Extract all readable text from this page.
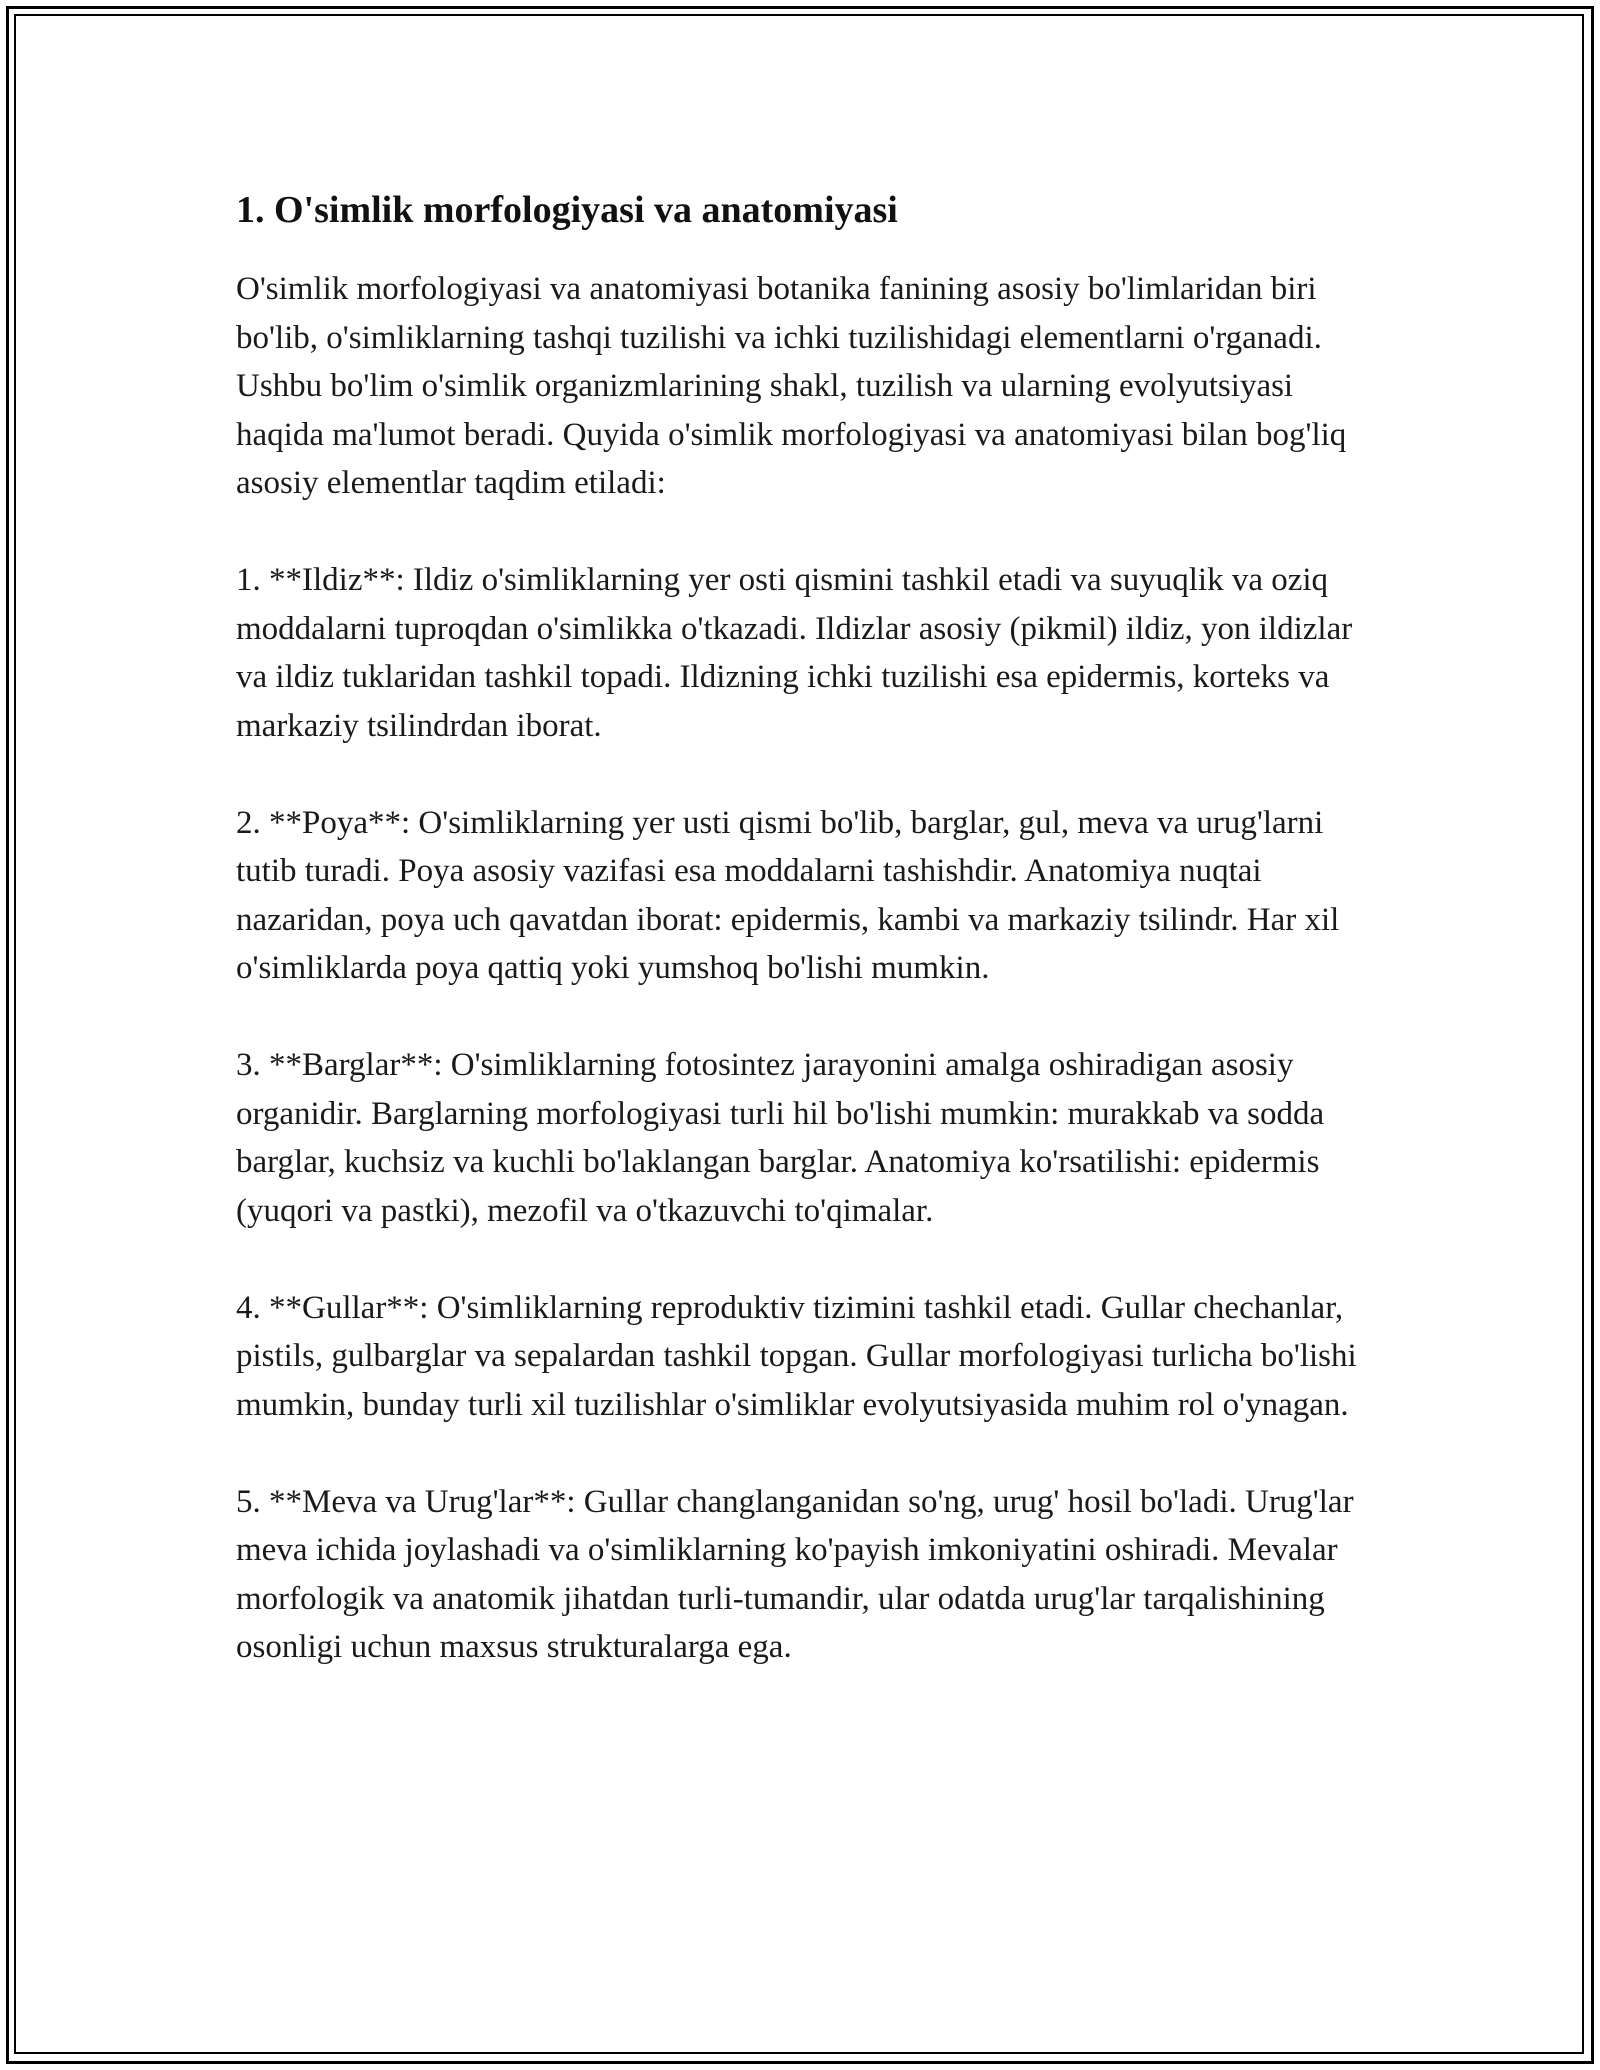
1. O'simlik morfologiyasi va anatomiyasi

O'simlik morfologiyasi va anatomiyasi botanika fanining asosiy bo'limlaridan biri bo'lib, o'simliklarning tashqi tuzilishi va ichki tuzilishidagi elementlarni o'rganadi. Ushbu bo'lim o'simlik organizmlarining shakl, tuzilish va ularning evolyutsiyasi haqida ma'lumot beradi. Quyida o'simlik morfologiyasi va anatomiyasi bilan bog'liq asosiy elementlar taqdim etiladi:

1. **Ildiz**: Ildiz o'simliklarning yer osti qismini tashkil etadi va suyuqlik va oziq moddalarni tuproqdan o'simlikka o'tkazadi. Ildizlar asosiy (pikmil) ildiz, yon ildizlar va ildiz tuklaridan tashkil topadi. Ildizning ichki tuzilishi esa epidermis, korteks va markaziy tsilindrdan iborat.

2. **Poya**: O'simliklarning yer usti qismi bo'lib, barglar, gul, meva va urug'larni tutib turadi. Poya asosiy vazifasi esa moddalarni tashishdir. Anatomiya nuqtai nazaridan, poya uch qavatdan iborat: epidermis, kambi va markaziy tsilindr. Har xil o'simliklarda poya qattiq yoki yumshoq bo'lishi mumkin.

3. **Barglar**: O'simliklarning fotosintez jarayonini amalga oshiradigan asosiy organidir. Barglarning morfologiyasi turli hil bo'lishi mumkin: murakkab va sodda barglar, kuchsiz va kuchli bo'laklangan barglar. Anatomiya ko'rsatilishi: epidermis (yuqori va pastki), mezofil va o'tkazuvchi to'qimalar.

4. **Gullar**: O'simliklarning reproduktiv tizimini tashkil etadi. Gullar chechanlar, pistils, gulbarglar va sepalardan tashkil topgan. Gullar morfologiyasi turlicha bo'lishi mumkin, bunday turli xil tuzilishlar o'simliklar evolyutsiyasida muhim rol o'ynagan.

5. **Meva va Urug'lar**: Gullar changlanganidan so'ng, urug' hosil bo'ladi. Urug'lar meva ichida joylashadi va o'simliklarning ko'payish imkoniyatini oshiradi. Mevalar morfologik va anatomik jihatdan turli-tumandir, ular odatda urug'lar tarqalishining osonligi uchun maxsus strukturalarga ega.
